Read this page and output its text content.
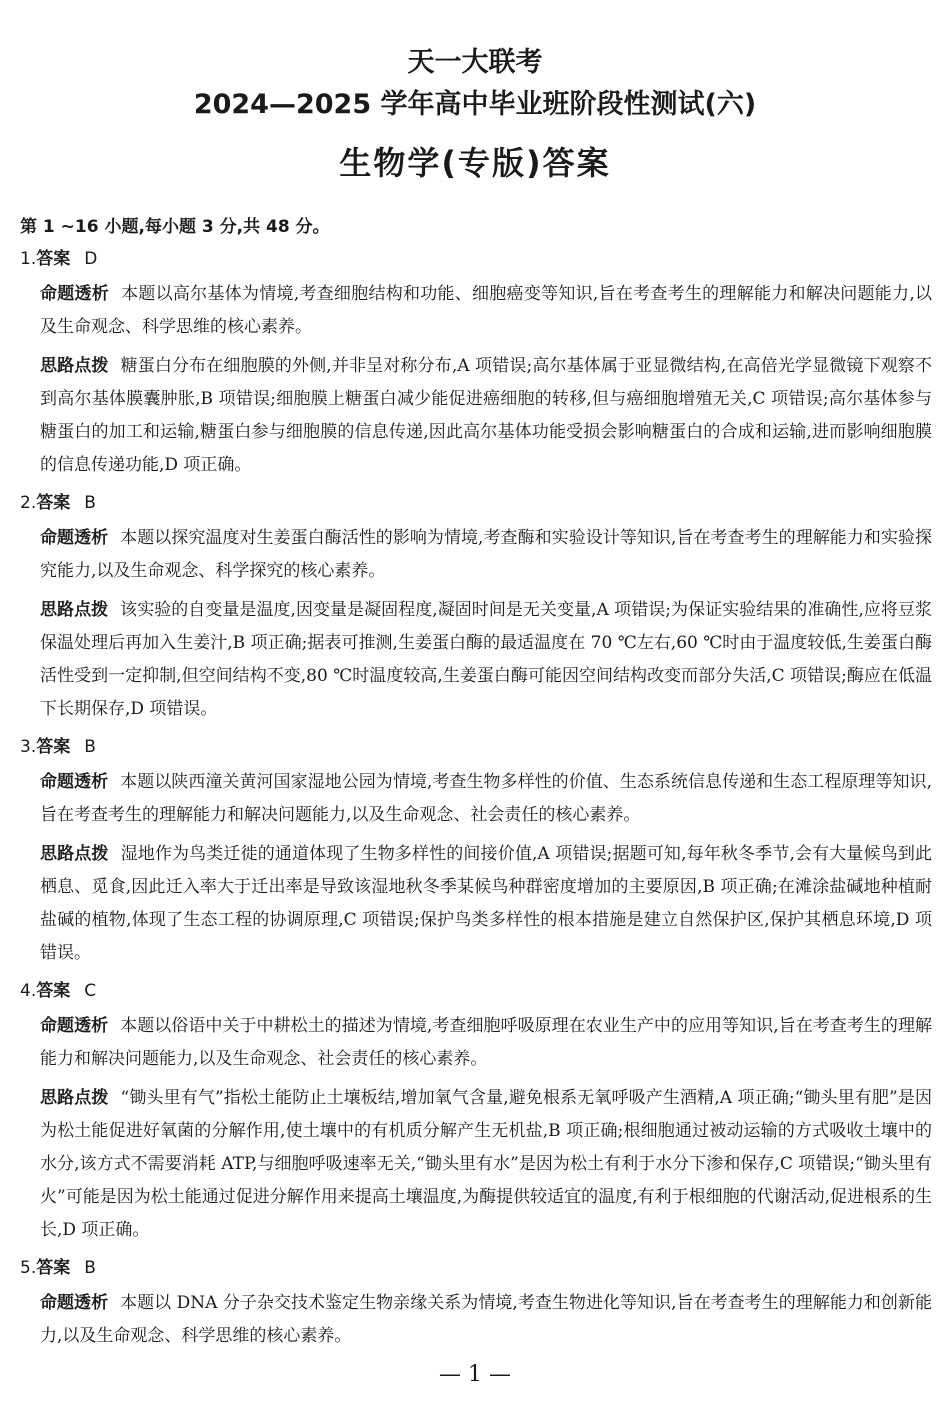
天一大联考
2024—2025 学年高中毕业班阶段性测试(六)
生物学(专版)答案

第 1 ~16 小题,每小题 3 分,共 48 分。

1.答案 D

命题透析 本题以高尔基体为情境,考查细胞结构和功能、细胞癌变等知识,旨在考查考生的理解能力和解决问题能力,以及生命观念、科学思维的核心素养。

思路点拨 糖蛋白分布在细胞膜的外侧,并非呈对称分布,A 项错误;高尔基体属于亚显微结构,在高倍光学显微镜下观察不到高尔基体膜囊肿胀,B 项错误;细胞膜上糖蛋白减少能促进癌细胞的转移,但与癌细胞增殖无关,C 项错误;高尔基体参与糖蛋白的加工和运输,糖蛋白参与细胞膜的信息传递,因此高尔基体功能受损会影响糖蛋白的合成和运输,进而影响细胞膜的信息传递功能,D 项正确。

2.答案 B

命题透析 本题以探究温度对生姜蛋白酶活性的影响为情境,考查酶和实验设计等知识,旨在考查考生的理解能力和实验探究能力,以及生命观念、科学探究的核心素养。

思路点拨 该实验的自变量是温度,因变量是凝固程度,凝固时间是无关变量,A 项错误;为保证实验结果的准确性,应将豆浆保温处理后再加入生姜汁,B 项正确;据表可推测,生姜蛋白酶的最适温度在 70 ℃左右,60 ℃时由于温度较低,生姜蛋白酶活性受到一定抑制,但空间结构不变,80 ℃时温度较高,生姜蛋白酶可能因空间结构改变而部分失活,C 项错误;酶应在低温下长期保存,D 项错误。

3.答案 B

命题透析 本题以陕西潼关黄河国家湿地公园为情境,考查生物多样性的价值、生态系统信息传递和生态工程原理等知识,旨在考查考生的理解能力和解决问题能力,以及生命观念、社会责任的核心素养。

思路点拨 湿地作为鸟类迁徙的通道体现了生物多样性的间接价值,A 项错误;据题可知,每年秋冬季节,会有大量候鸟到此栖息、觅食,因此迁入率大于迁出率是导致该湿地秋冬季某候鸟种群密度增加的主要原因,B 项正确;在滩涂盐碱地种植耐盐碱的植物,体现了生态工程的协调原理,C 项错误;保护鸟类多样性的根本措施是建立自然保护区,保护其栖息环境,D 项错误。

4.答案 C

命题透析 本题以俗语中关于中耕松土的描述为情境,考查细胞呼吸原理在农业生产中的应用等知识,旨在考查考生的理解能力和解决问题能力,以及生命观念、社会责任的核心素养。

思路点拨 “锄头里有气”指松土能防止土壤板结,增加氧气含量,避免根系无氧呼吸产生酒精,A 项正确;“锄头里有肥”是因为松土能促进好氧菌的分解作用,使土壤中的有机质分解产生无机盐,B 项正确;根细胞通过被动运输的方式吸收土壤中的水分,该方式不需要消耗 ATP,与细胞呼吸速率无关,“锄头里有水”是因为松土有利于水分下渗和保存,C 项错误;“锄头里有火”可能是因为松土能通过促进分解作用来提高土壤温度,为酶提供较适宜的温度,有利于根细胞的代谢活动,促进根系的生长,D 项正确。

5.答案 B

命题透析 本题以 DNA 分子杂交技术鉴定生物亲缘关系为情境,考查生物进化等知识,旨在考查考生的理解能力和创新能力,以及生命观念、科学思维的核心素养。

— 1 —
